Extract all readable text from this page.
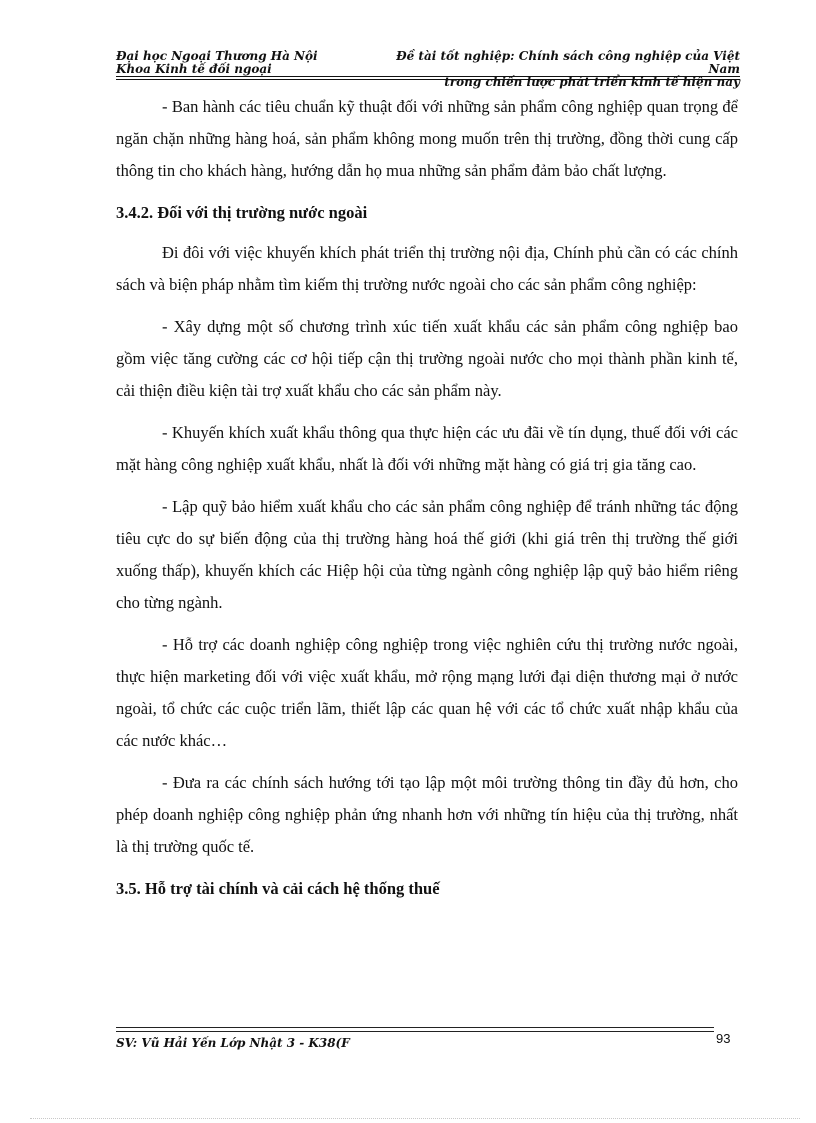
Đại học Ngoại Thương Hà Nội
Khoa Kinh tế đối ngoại
Đề tài tốt nghiệp: Chính sách công nghiệp của Việt Nam
trong chiến lược phát triển kinh tế hiện nay

- Ban hành các tiêu chuẩn kỹ thuật đối với những sản phẩm công nghiệp quan trọng để ngăn chặn những hàng hoá, sản phẩm không mong muốn trên thị trường, đồng thời cung cấp thông tin cho khách hàng, hướng dẫn họ mua những sản phẩm đảm bảo chất lượng.

3.4.2. Đối với thị trường nước ngoài

Đi đôi với việc khuyến khích phát triển thị trường nội địa, Chính phủ cần có các chính sách và biện pháp nhằm tìm kiếm thị trường nước ngoài cho các sản phẩm công nghiệp:

- Xây dựng một số chương trình xúc tiến xuất khẩu các sản phẩm công nghiệp bao gồm việc tăng cường các cơ hội tiếp cận thị trường ngoài nước cho mọi thành phần kinh tế, cải thiện điều kiện tài trợ xuất khẩu cho các sản phẩm này.

- Khuyến khích xuất khẩu thông qua thực hiện các ưu đãi về tín dụng, thuế đối với các mặt hàng công nghiệp xuất khẩu, nhất là đối với những mặt hàng có giá trị gia tăng cao.

- Lập quỹ bảo hiểm xuất khẩu cho các sản phẩm công nghiệp để tránh những tác động tiêu cực do sự biến động của thị trường hàng hoá thế giới (khi giá trên thị trường thế giới xuống thấp), khuyến khích các Hiệp hội của từng ngành công nghiệp lập quỹ bảo hiểm riêng cho từng ngành.

- Hỗ trợ các doanh nghiệp công nghiệp trong việc nghiên cứu thị trường nước ngoài, thực hiện marketing đối với việc xuất khẩu, mở rộng mạng lưới đại diện thương mại ở nước ngoài, tổ chức các cuộc triển lãm, thiết lập các quan hệ với các tổ chức xuất nhập khẩu của các nước khác…

- Đưa ra các chính sách hướng tới tạo lập một môi trường thông tin đầy đủ hơn, cho phép doanh nghiệp công nghiệp phản ứng nhanh hơn với những tín hiệu của thị trường, nhất là thị trường quốc tế.

3.5. Hỗ trợ tài chính và cải cách hệ thống thuế
SV: Vũ Hải Yến Lớp Nhật 3 - K38(F	93
